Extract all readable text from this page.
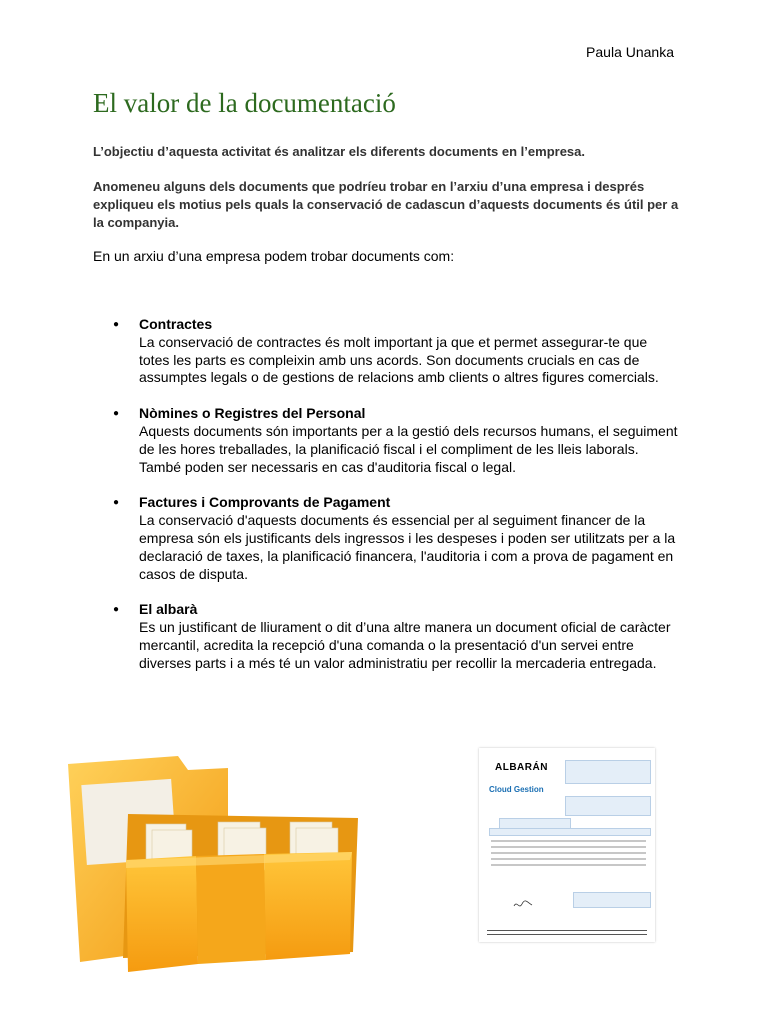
Paula Unanka
El valor de la documentació

L’objectiu d’aquesta activitat és analitzar els diferents documents en l’empresa.

Anomeneu alguns dels documents que podríeu trobar en l’arxiu d’una empresa i després expliqueu els motius pels quals la conservació de cadascun d’aquests documents és útil per a la companyia.

En un arxiu d’una empresa podem trobar documents com:

● Contractes
La conservació de contractes és molt important ja que et permet assegurar-te que totes les parts es compleixin amb uns acords. Son documents crucials en cas de assumptes legals o de gestions de relacions amb clients o altres figures comercials.
● Nòmines o Registres del Personal
Aquests documents són importants per a la gestió dels recursos humans, el seguiment de les hores treballades, la planificació fiscal i el compliment de les lleis laborals. També poden ser necessaris en cas d'auditoria fiscal o legal.
● Factures i Comprovants de Pagament
La conservació d'aquests documents és essencial per al seguiment financer de la empresa són els justificants dels ingressos i les despeses i poden ser utilitzats per a la declaració de taxes, la planificació financera, l'auditoria i com a prova de pagament en casos de disputa.
● El albarà
Es un justificant de lliurament o dit d’una altre manera un document oficial de caràcter mercantil, acredita la recepció d'una comanda o la presentació d'un servei entre diverses parts i a més té un valor administratiu per recollir la mercaderia entregada.
ALBARÁN
Cloud Gestion
